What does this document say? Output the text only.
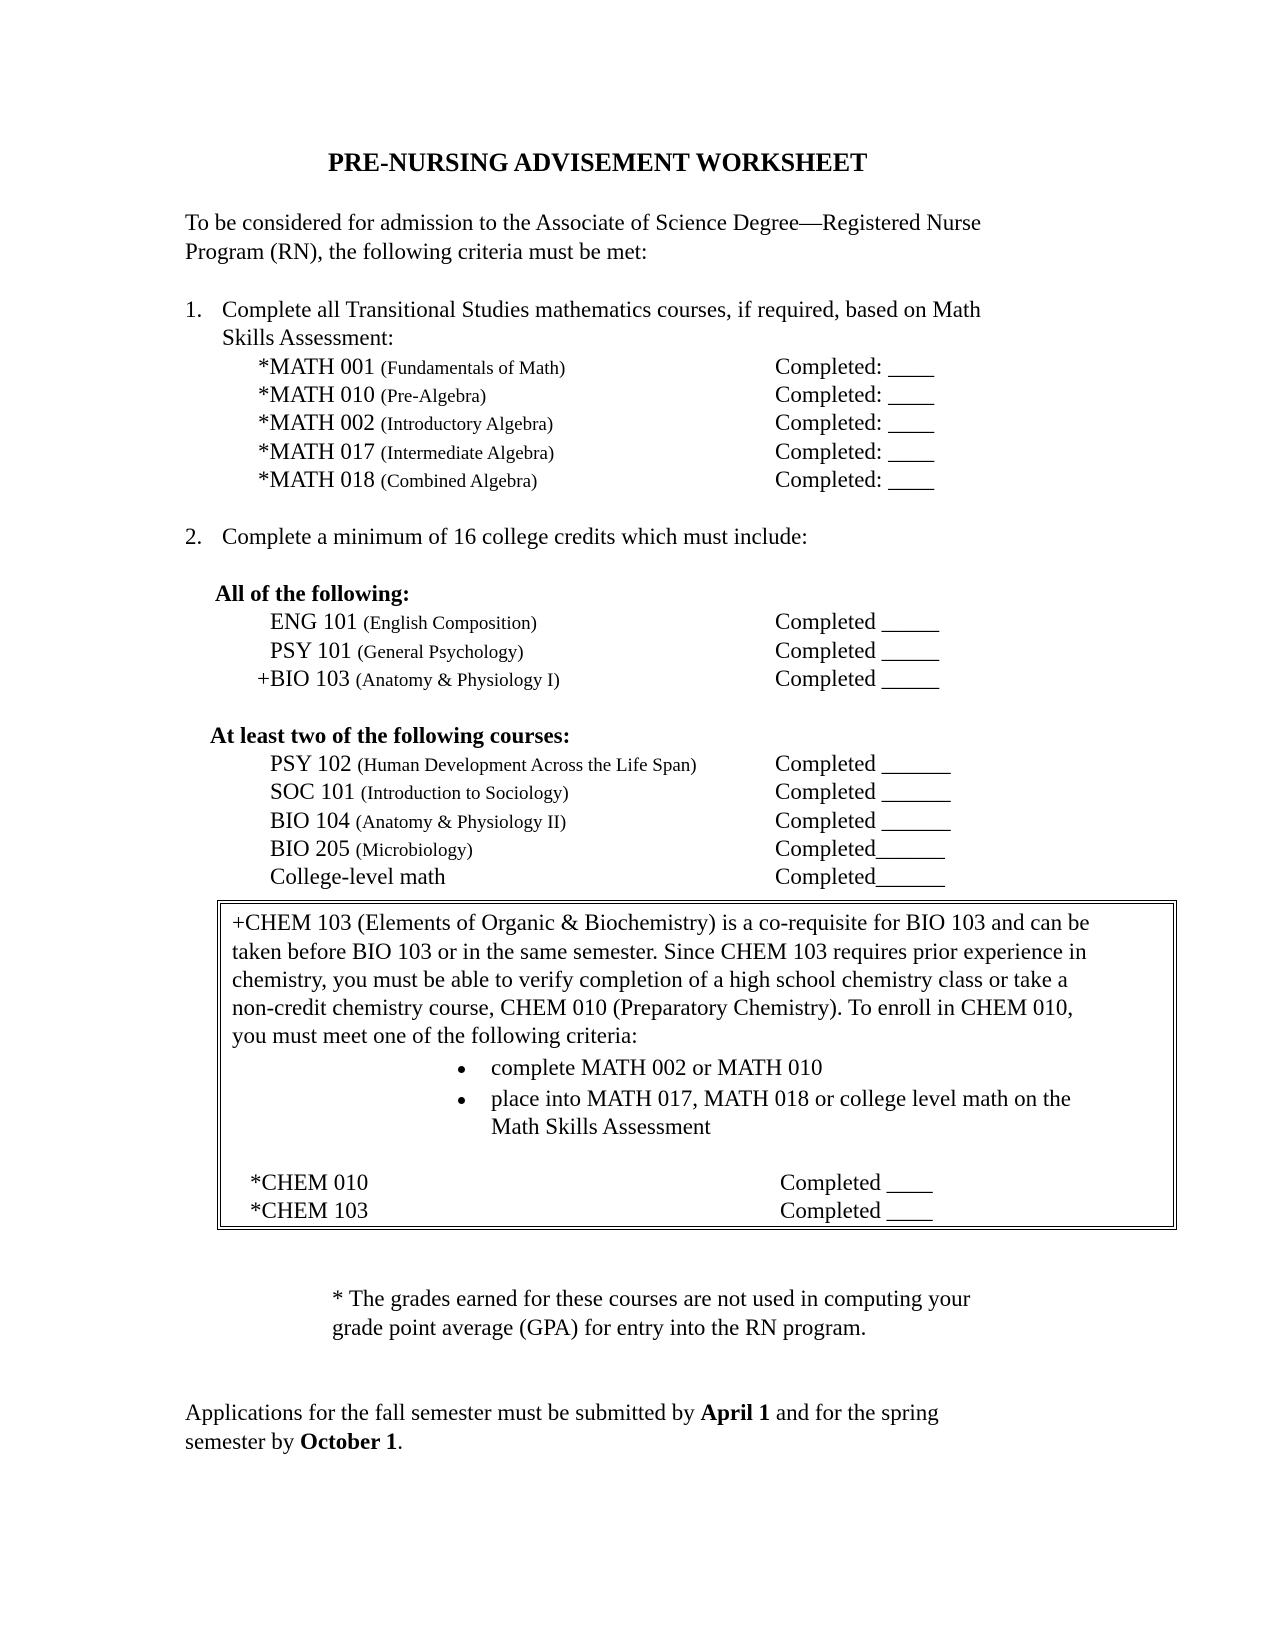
PRE-NURSING ADVISEMENT WORKSHEET
To be considered for admission to the Associate of Science Degree—Registered Nurse
Program (RN), the following criteria must be met:
1. Complete all Transitional Studies mathematics courses, if required, based on Math
Skills Assessment:
*MATH 001 (Fundamentals of Math)	Completed: ____
*MATH 010 (Pre-Algebra)	Completed: ____
*MATH 002 (Introductory Algebra)	Completed: ____
*MATH 017 (Intermediate Algebra)	Completed: ____
*MATH 018 (Combined Algebra)	Completed: ____
2. Complete a minimum of 16 college credits which must include:
All of the following:
ENG 101 (English Composition)	Completed _____
PSY 101 (General Psychology)	Completed _____
+BIO 103 (Anatomy & Physiology I)	Completed _____
At least two of the following courses:
PSY 102 (Human Development Across the Life Span)	Completed ______
SOC 101 (Introduction to Sociology)	Completed ______
BIO 104 (Anatomy & Physiology II)	Completed ______
BIO 205 (Microbiology)	Completed______
College-level math	Completed______
+CHEM 103 (Elements of Organic & Biochemistry) is a co-requisite for BIO 103 and can be
taken before BIO 103 or in the same semester. Since CHEM 103 requires prior experience in
chemistry, you must be able to verify completion of a high school chemistry class or take a
non-credit chemistry course, CHEM 010 (Preparatory Chemistry). To enroll in CHEM 010,
you must meet one of the following criteria:
complete MATH 002 or MATH 010
place into MATH 017, MATH 018 or college level math on the
Math Skills Assessment
*CHEM 010	Completed ____
*CHEM 103	Completed ____
* The grades earned for these courses are not used in computing your
grade point average (GPA) for entry into the RN program.
Applications for the fall semester must be submitted by April 1 and for the spring
semester by October 1.
